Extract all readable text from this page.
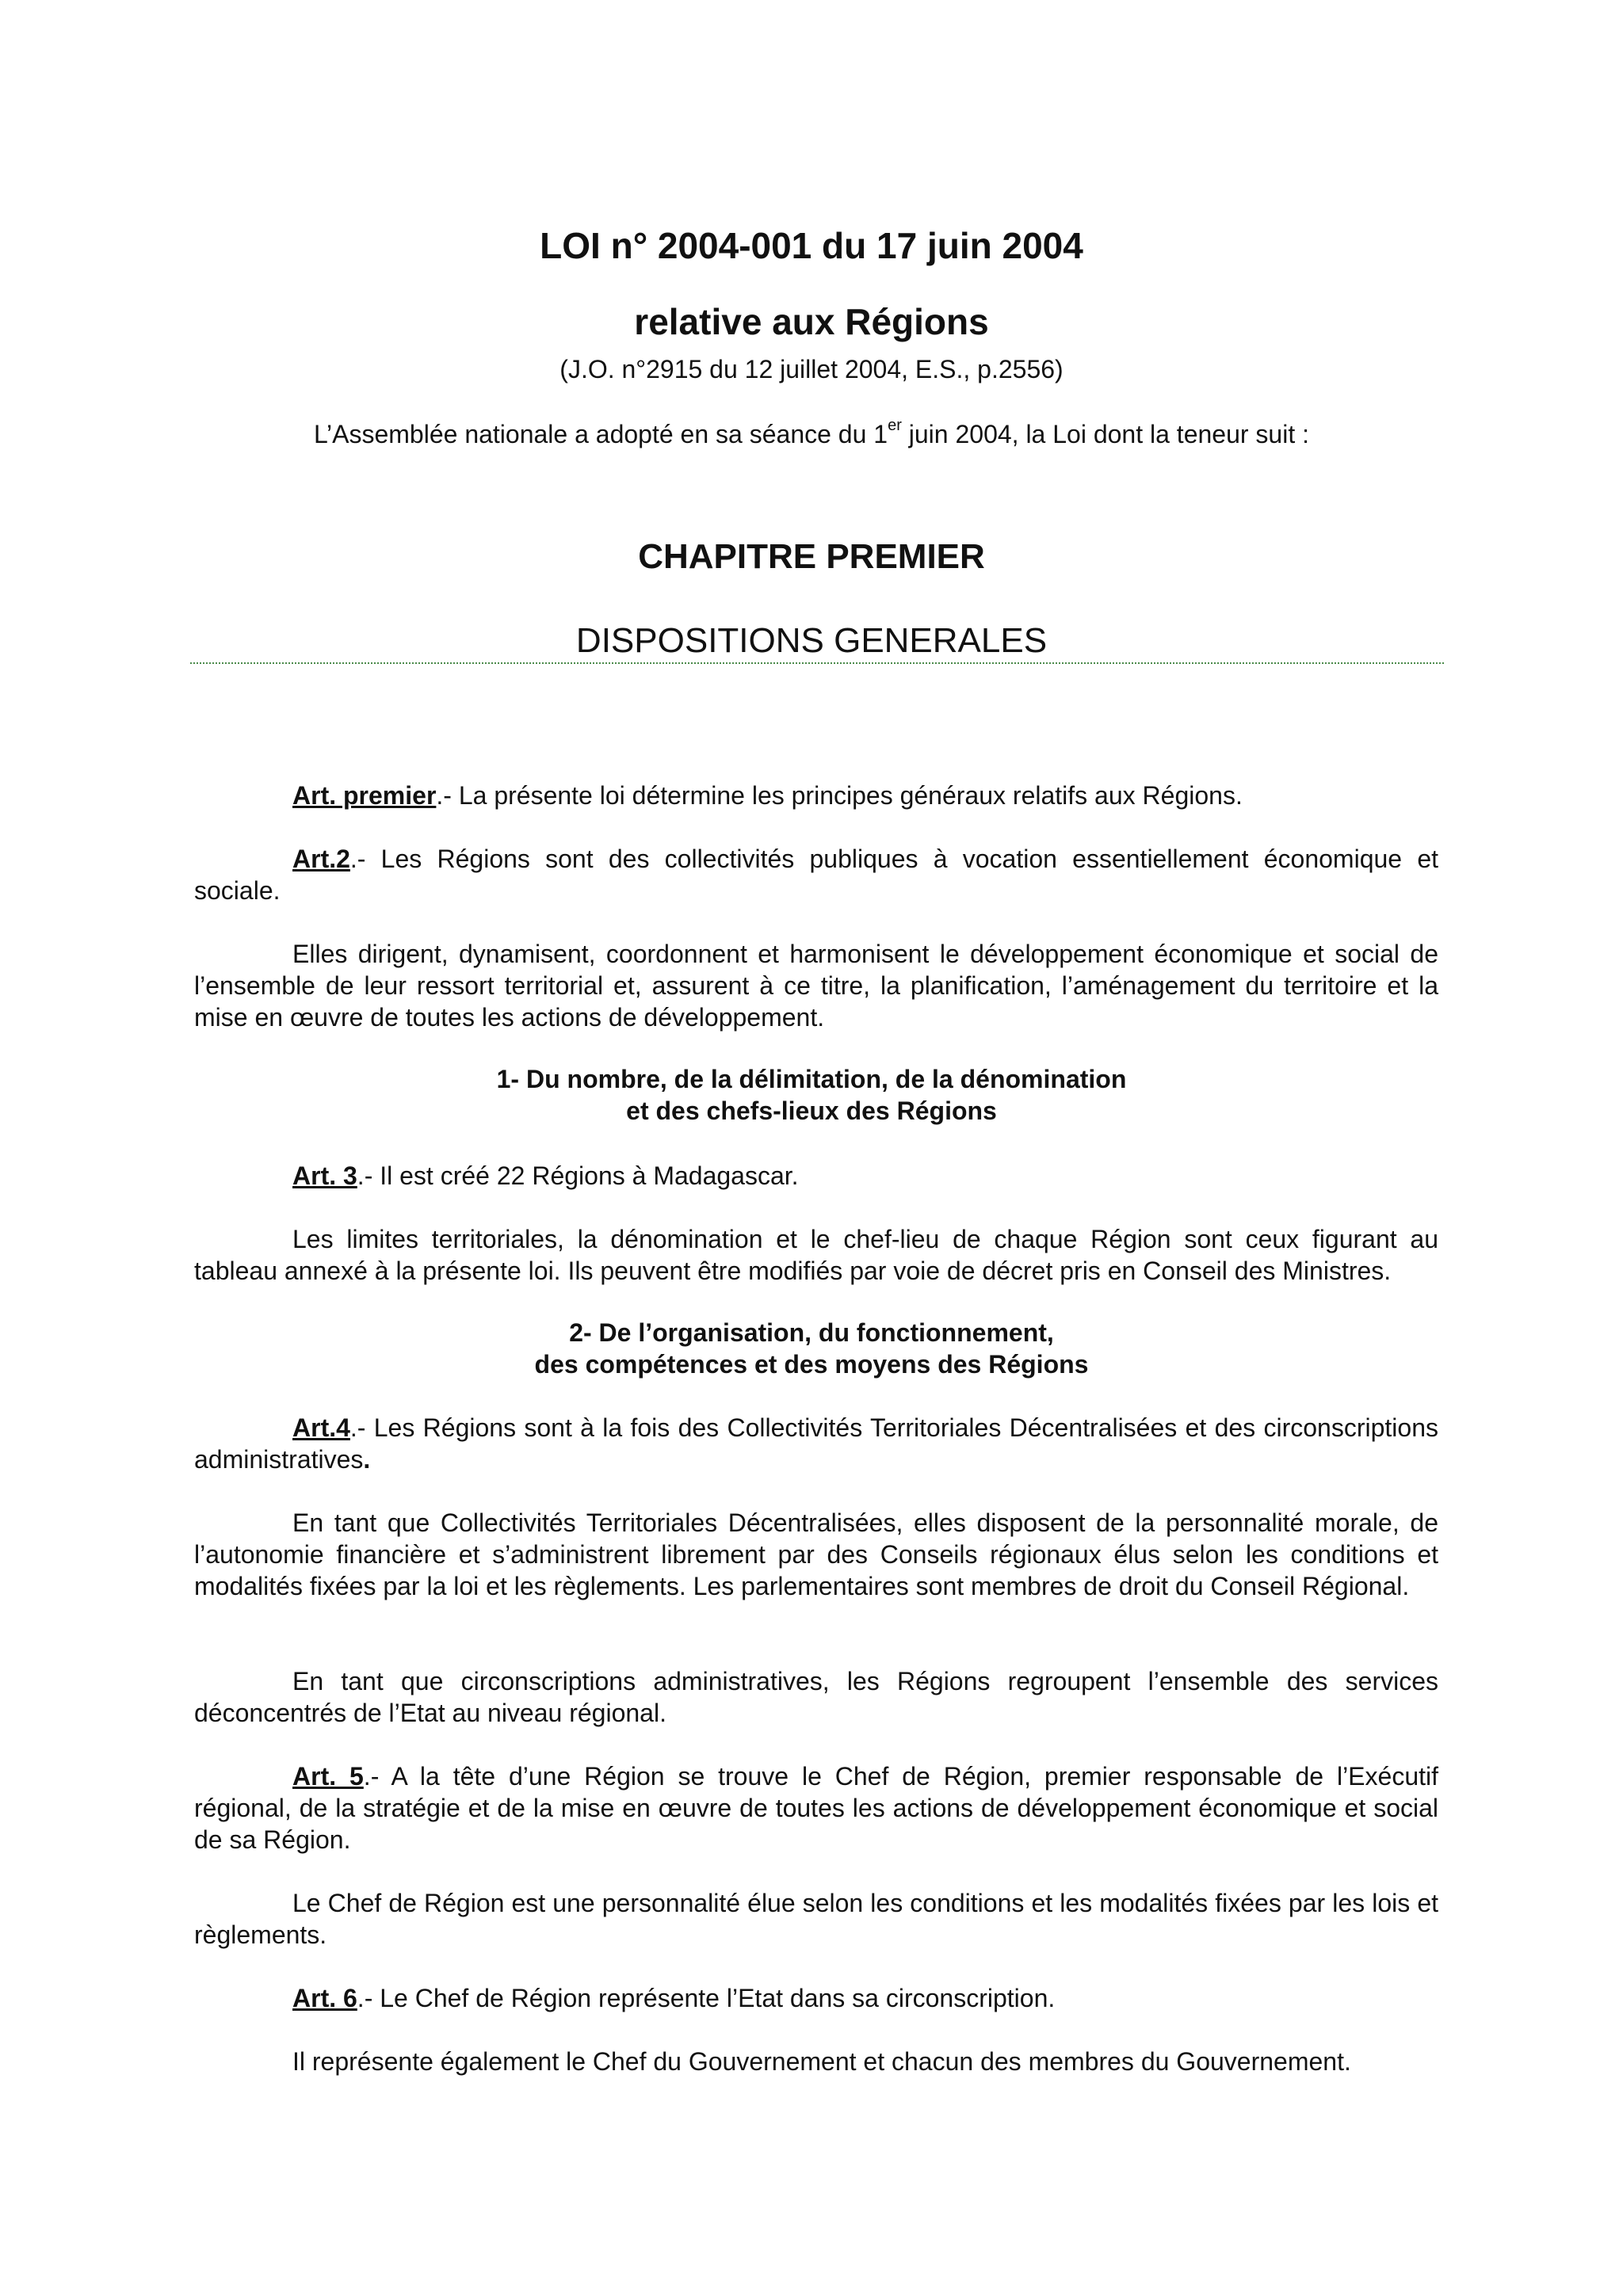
LOI n° 2004-001 du 17 juin 2004
relative aux Régions
(J.O. n°2915 du 12 juillet 2004, E.S., p.2556)
L’Assemblée nationale a adopté en sa séance du 1er juin 2004, la Loi dont la teneur suit :
CHAPITRE PREMIER
DISPOSITIONS GENERALES
Art. premier.- La présente loi détermine les principes généraux relatifs aux Régions.
Art.2.- Les Régions sont des collectivités publiques à vocation essentiellement économique et sociale.
Elles dirigent, dynamisent, coordonnent et harmonisent le développement économique et social de l’ensemble de leur ressort territorial et, assurent à ce titre, la planification, l’aménagement du territoire et la mise en œuvre de toutes les actions de développement.
1- Du nombre, de la délimitation, de la dénomination
et des chefs-lieux des Régions
Art. 3.- Il est créé 22 Régions à Madagascar.
Les limites territoriales, la dénomination et le chef-lieu de chaque Région sont ceux figurant au tableau annexé à la présente loi. Ils peuvent être modifiés par voie de décret pris en Conseil des Ministres.
2- De l’organisation, du fonctionnement,
des compétences et des moyens des Régions
Art.4.- Les Régions sont à la fois des Collectivités Territoriales Décentralisées et des circonscriptions administratives.
En tant que Collectivités Territoriales Décentralisées, elles disposent de la personnalité morale, de l’autonomie financière et s’administrent librement par des Conseils régionaux élus selon les conditions et modalités fixées par la loi et les règlements. Les parlementaires sont membres de droit du Conseil Régional.
En tant que circonscriptions administratives, les Régions regroupent l’ensemble des services déconcentrés de l’Etat au niveau régional.
Art. 5.- A la tête d’une Région se trouve le Chef de Région, premier responsable de l’Exécutif régional, de la stratégie et de la mise en œuvre de toutes les actions de développement économique et social de sa Région.
Le Chef de Région est une personnalité élue selon les conditions et les modalités fixées par les lois et règlements.
Art. 6.- Le Chef de Région représente l’Etat dans sa circonscription.
Il représente également le Chef du Gouvernement et chacun des membres du Gouvernement.
